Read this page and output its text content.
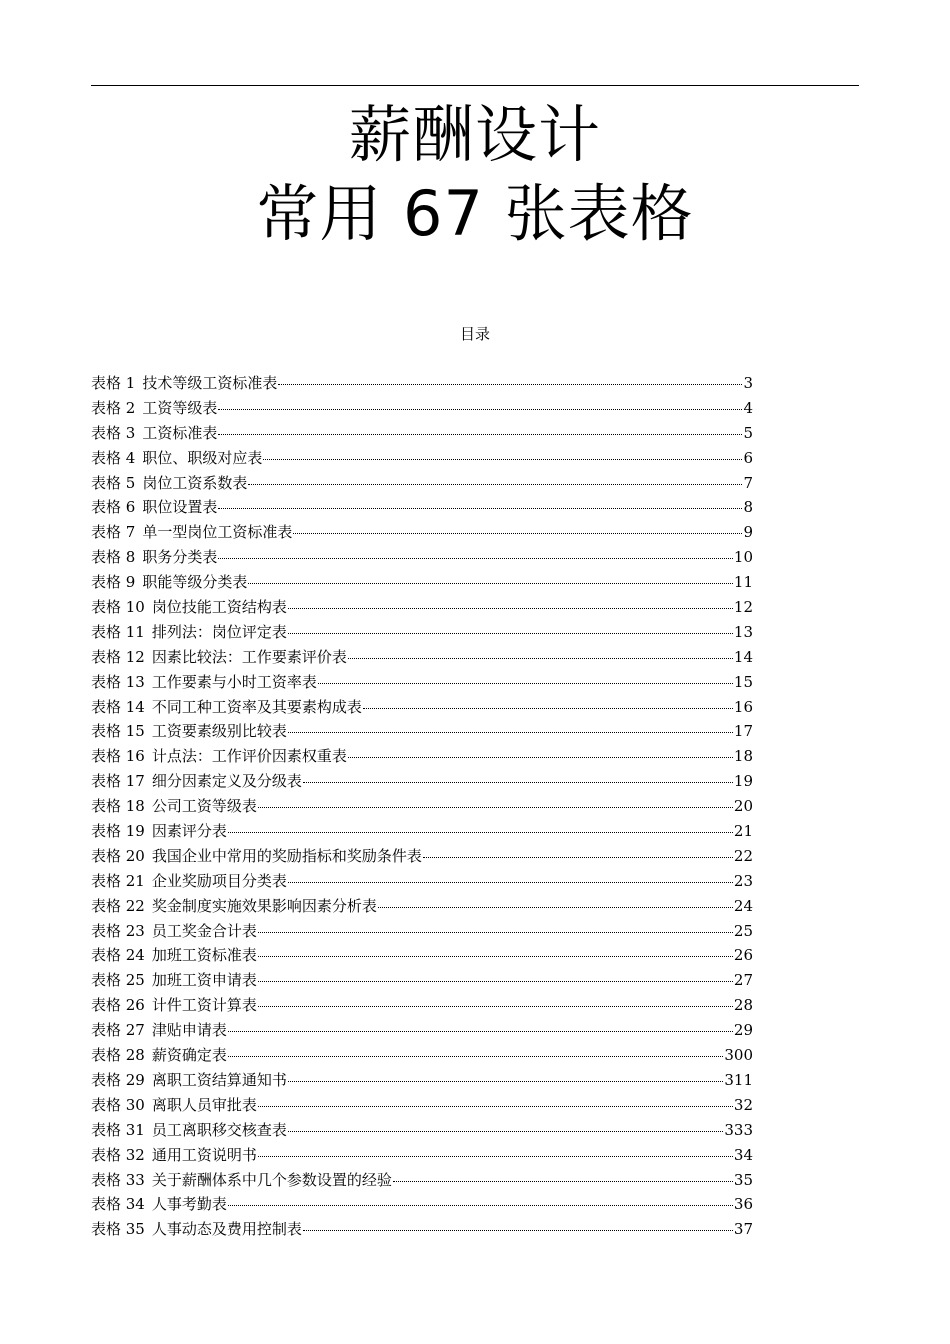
薪酬设计
常用 67 张表格
目录
表格 1 技术等级工资标准表	3
表格 2 工资等级表	4
表格 3 工资标准表	5
表格 4 职位、职级对应表	6
表格 5 岗位工资系数表	7
表格 6 职位设置表	8
表格 7 单一型岗位工资标准表	9
表格 8 职务分类表	10
表格 9 职能等级分类表	11
表格 10 岗位技能工资结构表	12
表格 11 排列法：岗位评定表	13
表格 12 因素比较法：工作要素评价表	14
表格 13 工作要素与小时工资率表	15
表格 14 不同工种工资率及其要素构成表	16
表格 15 工资要素级别比较表	17
表格 16 计点法：工作评价因素权重表	18
表格 17 细分因素定义及分级表	19
表格 18 公司工资等级表	20
表格 19 因素评分表	21
表格 20 我国企业中常用的奖励指标和奖励条件表	22
表格 21 企业奖励项目分类表	23
表格 22 奖金制度实施效果影响因素分析表	24
表格 23 员工奖金合计表	25
表格 24 加班工资标准表	26
表格 25 加班工资申请表	27
表格 26 计件工资计算表	28
表格 27 津贴申请表	29
表格 28 薪资确定表	300
表格 29 离职工资结算通知书	311
表格 30 离职人员审批表	32
表格 31 员工离职移交核查表	333
表格 32 通用工资说明书	34
表格 33 关于薪酬体系中几个参数设置的经验	35
表格 34 人事考勤表	36
表格 35 人事动态及费用控制表	37
